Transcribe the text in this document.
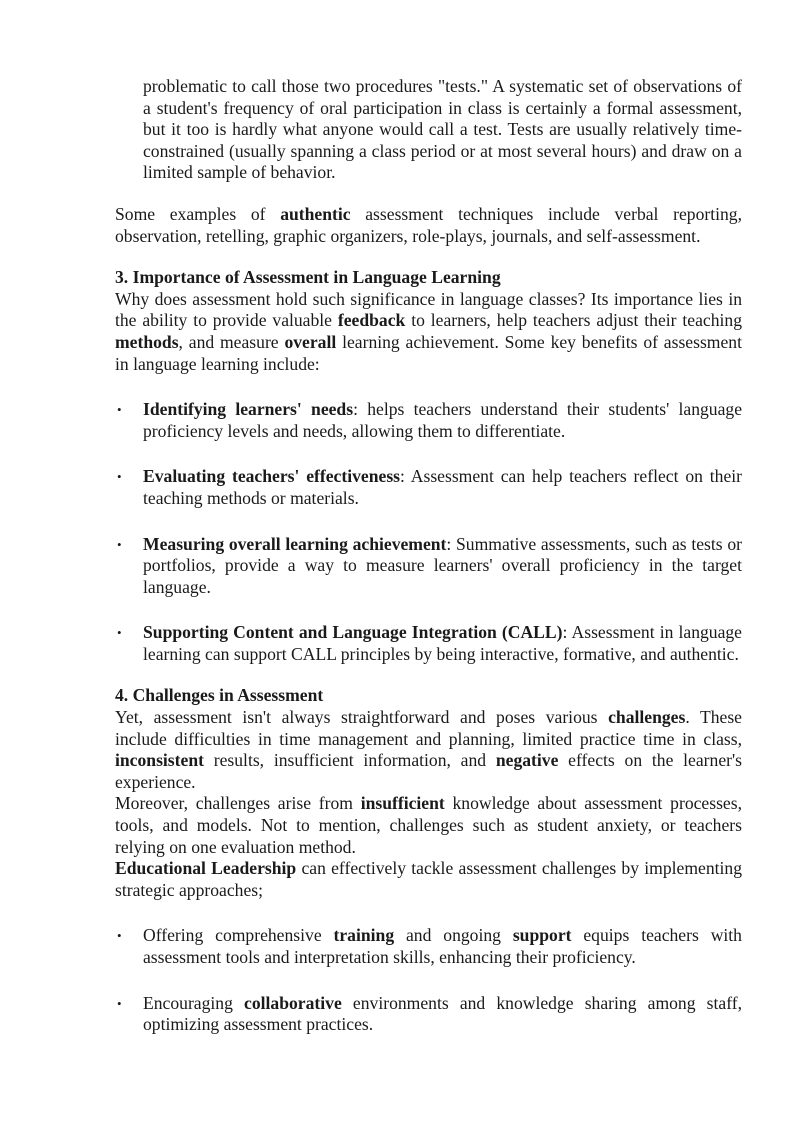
problematic to call those two procedures "tests." A systematic set of observations of a student's frequency of oral participation in class is certainly a formal assessment, but it too is hardly what anyone would call a test. Tests are usually relatively time-constrained (usually spanning a class period or at most several hours) and draw on a limited sample of behavior.

Some examples of authentic assessment techniques include verbal reporting, observation, retelling, graphic organizers, role-plays, journals, and self-assessment.

3. Importance of Assessment in Language Learning

Why does assessment hold such significance in language classes? Its importance lies in the ability to provide valuable feedback to learners, help teachers adjust their teaching methods, and measure overall learning achievement. Some key benefits of assessment in language learning include:

• Identifying learners' needs: helps teachers understand their students' language proficiency levels and needs, allowing them to differentiate.
• Evaluating teachers' effectiveness: Assessment can help teachers reflect on their teaching methods or materials.
• Measuring overall learning achievement: Summative assessments, such as tests or portfolios, provide a way to measure learners' overall proficiency in the target language.
• Supporting Content and Language Integration (CALL): Assessment in language learning can support CALL principles by being interactive, formative, and authentic.
4. Challenges in Assessment

Yet, assessment isn't always straightforward and poses various challenges. These include difficulties in time management and planning, limited practice time in class, inconsistent results, insufficient information, and negative effects on the learner's experience.

Moreover, challenges arise from insufficient knowledge about assessment processes, tools, and models. Not to mention, challenges such as student anxiety, or teachers relying on one evaluation method.

Educational Leadership can effectively tackle assessment challenges by implementing strategic approaches;

• Offering comprehensive training and ongoing support equips teachers with assessment tools and interpretation skills, enhancing their proficiency.
• Encouraging collaborative environments and knowledge sharing among staff, optimizing assessment practices.
